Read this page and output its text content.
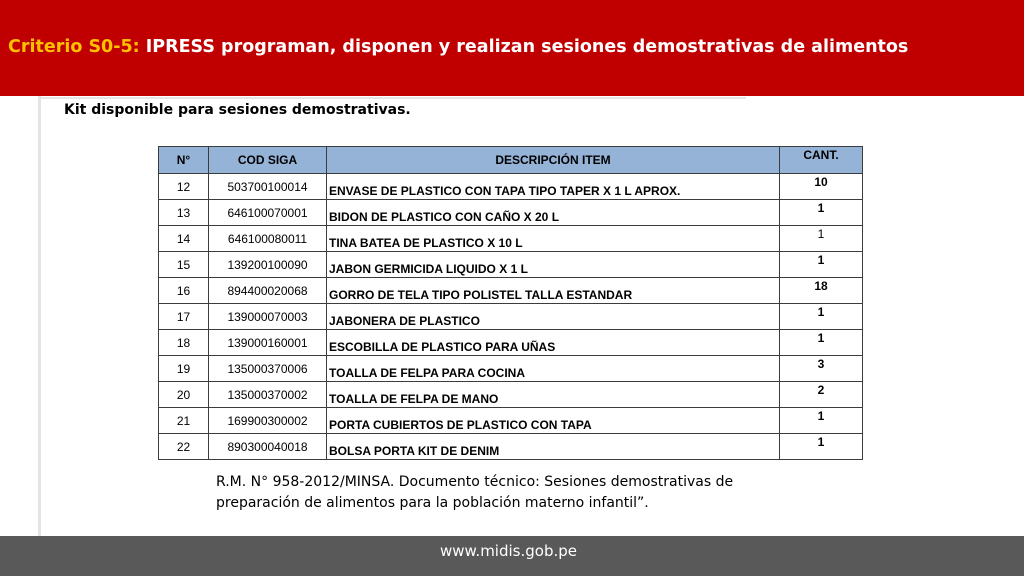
Criterio S0-5: IPRESS programan, disponen y realizan sesiones demostrativas de alimentos
Kit disponible para sesiones demostrativas.
N°	COD SIGA	DESCRIPCIÓN ITEM	CANT.
12	503700100014	ENVASE DE PLASTICO CON TAPA TIPO TAPER X 1 L APROX.	10
13	646100070001	BIDON DE PLASTICO CON CAÑO X 20 L	1
14	646100080011	TINA BATEA DE PLASTICO X 10 L	1
15	139200100090	JABON GERMICIDA LIQUIDO X 1 L	1
16	894400020068	GORRO DE TELA TIPO POLISTEL TALLA ESTANDAR	18
17	139000070003	JABONERA DE PLASTICO	1
18	139000160001	ESCOBILLA DE PLASTICO PARA UÑAS	1
19	135000370006	TOALLA DE FELPA PARA COCINA	3
20	135000370002	TOALLA DE FELPA DE MANO	2
21	169900300002	PORTA CUBIERTOS DE PLASTICO CON TAPA	1
22	890300040018	BOLSA PORTA KIT DE DENIM	1
R.M. N° 958-2012/MINSA. Documento técnico: Sesiones demostrativas de preparación de alimentos para la población materno infantil”.
www.midis.gob.pe
